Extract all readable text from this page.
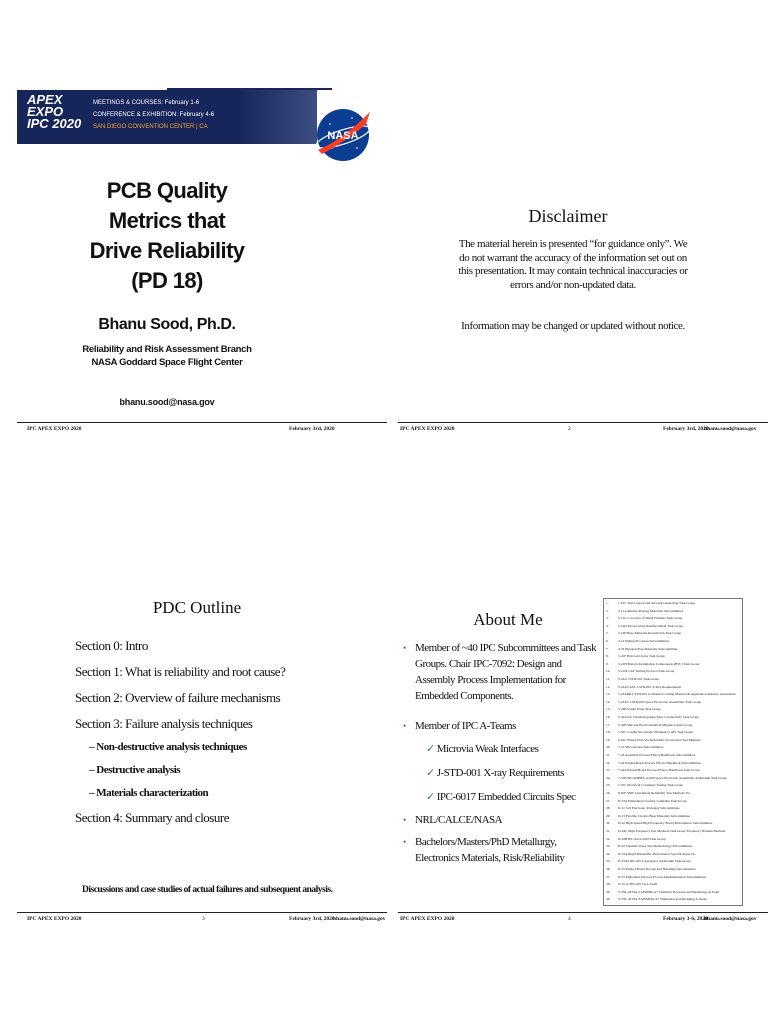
APEX
EXPO
IPC 2020
MEETINGS & COURSES: February 1-6
CONFERENCE & EXHIBITION: February 4-6
SAN DIEGO CONVENTION CENTER | CA
NASA
PCB Quality Metrics that
Drive Reliability
(PD 18)
Bhanu Sood, Ph.D.
Reliability and Risk Assessment Branch
NASA Goddard Space Flight Center
bhanu.sood@nasa.gov
IPC APEX EXPO 2020	February 3rd, 2020
Disclaimer
The material herein is presented “for guidance only”. We do not warrant the accuracy of the information set out on this presentation. It may contain technical inaccuracies or errors and/or non-updated data.
Information may be changed or updated without notice.
IPC APEX EXPO 2020	2	February 3rd, 2020
bhanu.sood@nasa.gov
PDC Outline
Section 0: Intro
Section 1: What is reliability and root cause?
Section 2: Overview of failure mechanisms
Section 3: Failure analysis techniques
– Non-destructive analysis techniques
– Destructive analysis
– Materials characterization
Section 4: Summary and closure
Discussions and case studies of actual failures and subsequent analysis.
IPC APEX EXPO 2020	3	February 3rd, 2020
bhanu.sood@nasa.gov
About Me
• Member of ~40 IPC Subcommittees and Task Groups. Chair IPC-7092: Design and Assembly Process Implementation for Embedded Components.
• Member of IPC A-Teams
✓ Microvia Weak Interfaces
✓ J-STD-001 X-ray Requirements
✓ IPC-6017 Embedded Circuits Spec
• NRL/CALCE/NASA
• Bachelors/Masters/PhD Metallurgy, Electronics Materials, Risk/Reliability
1.	1-10C Test Coupon and Artwork Generation Task Group
2.	3-11 Laminate Prepreg Materials Subcommittee
3.	3-11G Corrosion of Metal Finishes Task Group
4.	3-12D Woven Glass Reinforcement Task Group
5.	3-12E Base Materials Roundrobin Task Group
6.	4-14 Plating Processes Subcommittee
7.	4-33 Halogen-Free Materials Subcommittee
8.	5-21F Ball Grid Array Task Group
9.	5-21H Bottom Termination Components (BTC) Task Group
10. 5-21M CAF Testing Protocol Task Group
11. 5-22A J-STD-001 Task Group
12. 5-22AS AS5-J-STD-001 X-Ray Requirements
13. 5-22ARR J-STD-001 Conformal Coating Material & Application Industry Assessment
14. 5-22AS J-STD-001 Space Electronic Assemblies Task Group
15. 5-24B Solder Paste Task Group
16. 5-32A Ion Chromatography/Ionic Conductivity Task Group
17. 5-32B SIR and Electrochemical Migration Task Group
18. 5-32C Conductive Anodic Filament (CAF) Task Group
19. 6-10C Plated-Thru Via Reliability-Accelerated Test Methods
20. 7-12 Microsection Subcommittee
21. 7-23 Assembly Process Effects Handbook Subcommittee
22. 7-24 Printed Board Process Effects Handbook Subcommittee
23. 7-24A Printed Board Process Effects Handbook Task Group
24. 7-31B IPC/WHMA-A-620 Space Electronic Assemblies Addendum Task Group
25. 7-31C Electrical Continuity Testing Task Group
26. 8-81F SMT Attachment Reliability Test Methods TG
27. D-33A Embedded Circuitry Guideline Task Group
28. D-11 3-D Electronic Packages Subcommittee
29. D-13 Flexible Circuits Base Materials Subcommittee
30. D-22 High Speed/High Frequency Board Performance Subcommittee
31. D-24C High Frequency Test Methods Task Group Frequency Domain Methods
32. D-32B IPC-2221/2222 Task Group
33. D-32 Thermal Stress Test Methodology Subcommittee
34. D-33A Rigid Printed Bd. Performance Specifications TG
35. D-33AS IPC-6012 Aerospace Addendum Task Group
36. D-35 Printed Board Storage and Handling Subcommittee
37. D-55 Embedded Devices Process Implementation Subcommittee
38. D-55 A-TPC-6017A A-Team
39. V-TSL-MVIA-1 MSDPR-A7 Chemical Processes and Metallurgy A-Team
40. V-TSL-MVIA-3 MSMOD-A7 Simulation and Modeling A-Team
IPC APEX EXPO 2020	4	February 3-6, 2020
bhanu.sood@nasa.gov
